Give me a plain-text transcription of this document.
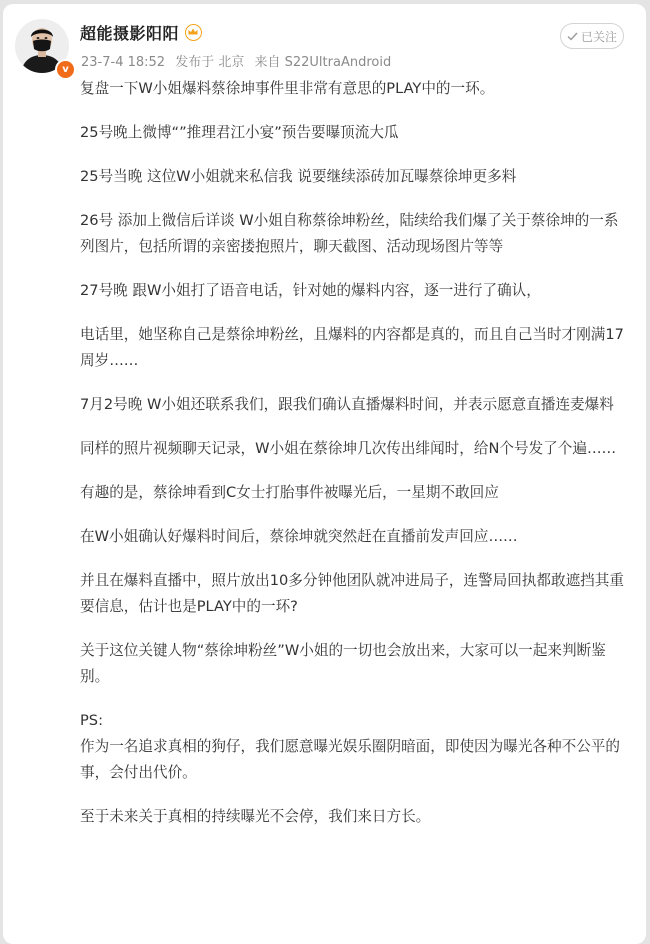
v
超能摄影阳阳
23-7-4 18:52 发布于 北京 来自 S22UltraAndroid
已关注

复盘一下W小姐爆料蔡徐坤事件里非常有意思的PLAY中的一环。

25号晚上微博“”推理君江小宴”预告要曝顶流大瓜

25号当晚 这位W小姐就来私信我 说要继续添砖加瓦曝蔡徐坤更多料

26号 添加上微信后详谈 W小姐自称蔡徐坤粉丝，陆续给我们爆了关于蔡徐坤的一系列图片，包括所谓的亲密搂抱照片，聊天截图、活动现场图片等等

27号晚 跟W小姐打了语音电话，针对她的爆料内容，逐一进行了确认，

电话里，她坚称自己是蔡徐坤粉丝，且爆料的内容都是真的，而且自己当时才刚满17周岁……

7月2号晚 W小姐还联系我们，跟我们确认直播爆料时间，并表示愿意直播连麦爆料

同样的照片视频聊天记录，W小姐在蔡徐坤几次传出绯闻时，给N个号发了个遍……

有趣的是，蔡徐坤看到C女士打胎事件被曝光后，一星期不敢回应

在W小姐确认好爆料时间后，蔡徐坤就突然赶在直播前发声回应……

并且在爆料直播中，照片放出10多分钟他团队就冲进局子，连警局回执都敢遮挡其重要信息，估计也是PLAY中的一环?

关于这位关键人物“蔡徐坤粉丝”W小姐的一切也会放出来，大家可以一起来判断鉴别。

PS:

作为一名追求真相的狗仔，我们愿意曝光娱乐圈阴暗面，即使因为曝光各种不公平的事，会付出代价。

至于未来关于真相的持续曝光不会停，我们来日方长。
